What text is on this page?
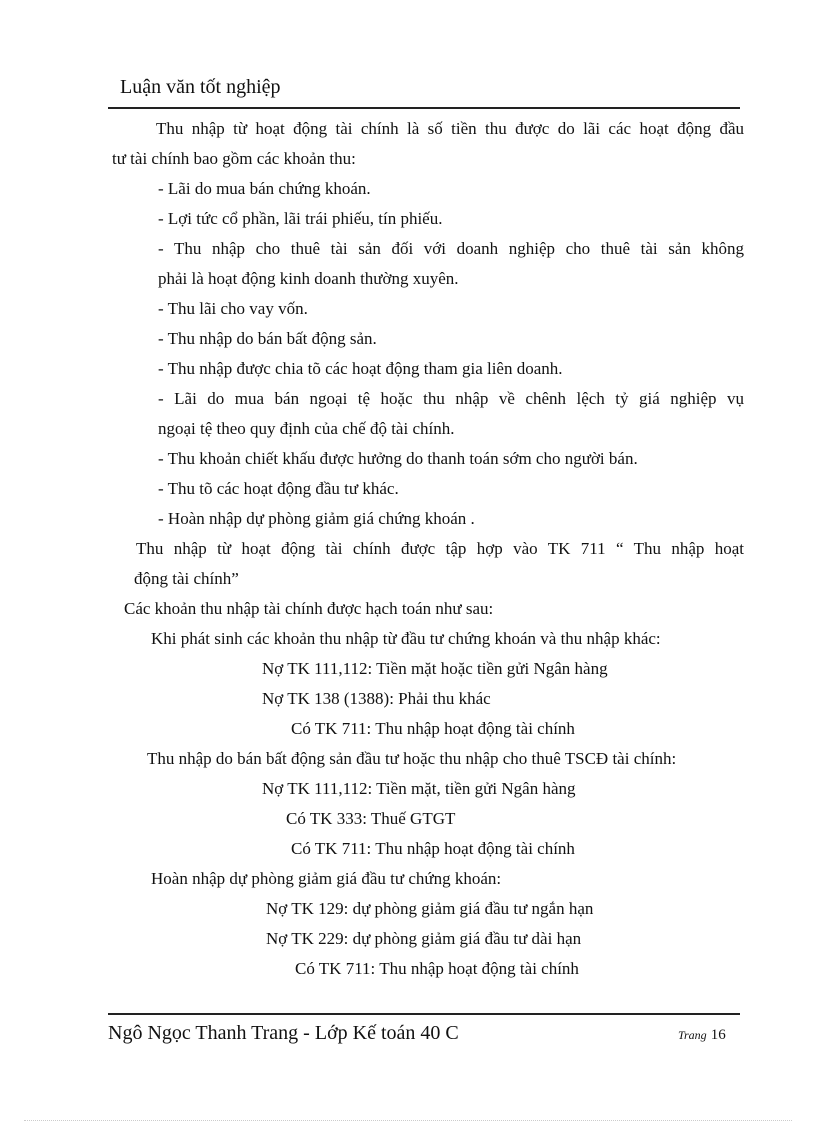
Luận văn tốt nghiệp
Thu nhập từ hoạt động tài chính là số tiền thu được do lãi các hoạt động đầu
tư tài chính bao gồm các khoản thu:
- Lãi do mua bán chứng khoán.
- Lợi tức cổ phần, lãi trái phiếu, tín phiếu.
- Thu nhập cho thuê tài sản đối với doanh nghiệp cho thuê tài sản không
phải là hoạt động kinh doanh thường xuyên.
- Thu lãi cho vay vốn.
- Thu nhập do bán bất động sản.
- Thu nhập được chia tõ các hoạt động tham gia liên doanh.
- Lãi do mua bán ngoại tệ hoặc thu nhập về chênh lệch tỷ giá nghiệp vụ
ngoại tệ theo quy định của chế độ tài chính.
- Thu khoản chiết khấu được hưởng do thanh toán sớm cho người bán.
- Thu tõ các hoạt động đầu tư khác.
- Hoàn nhập dự phòng giảm giá chứng khoán .
Thu nhập từ hoạt động tài chính được tập hợp vào TK 711 “ Thu nhập hoạt
động tài chính”
Các khoản thu nhập tài chính được hạch toán như sau:
Khi phát sinh các khoản thu nhập từ đầu tư chứng khoán và thu nhập khác:
Nợ TK 111,112: Tiền mặt hoặc tiền gửi Ngân hàng
Nợ TK 138 (1388): Phải thu khác
Có TK 711: Thu nhập hoạt động tài chính
Thu nhập do bán bất động sản đầu tư hoặc thu nhập cho thuê TSCĐ tài chính:
Nợ TK 111,112: Tiền mặt, tiền gửi Ngân hàng
Có TK 333: Thuế GTGT
Có TK 711: Thu nhập hoạt động tài chính
Hoàn nhập dự phòng giảm giá đầu tư chứng khoán:
Nợ TK 129: dự phòng giảm giá đầu tư ngắn hạn
Nợ TK 229: dự phòng giảm giá đầu tư dài hạn
Có TK 711: Thu nhập hoạt động tài chính
Ngô Ngọc Thanh Trang - Lớp Kế toán 40 C	Trang 16
